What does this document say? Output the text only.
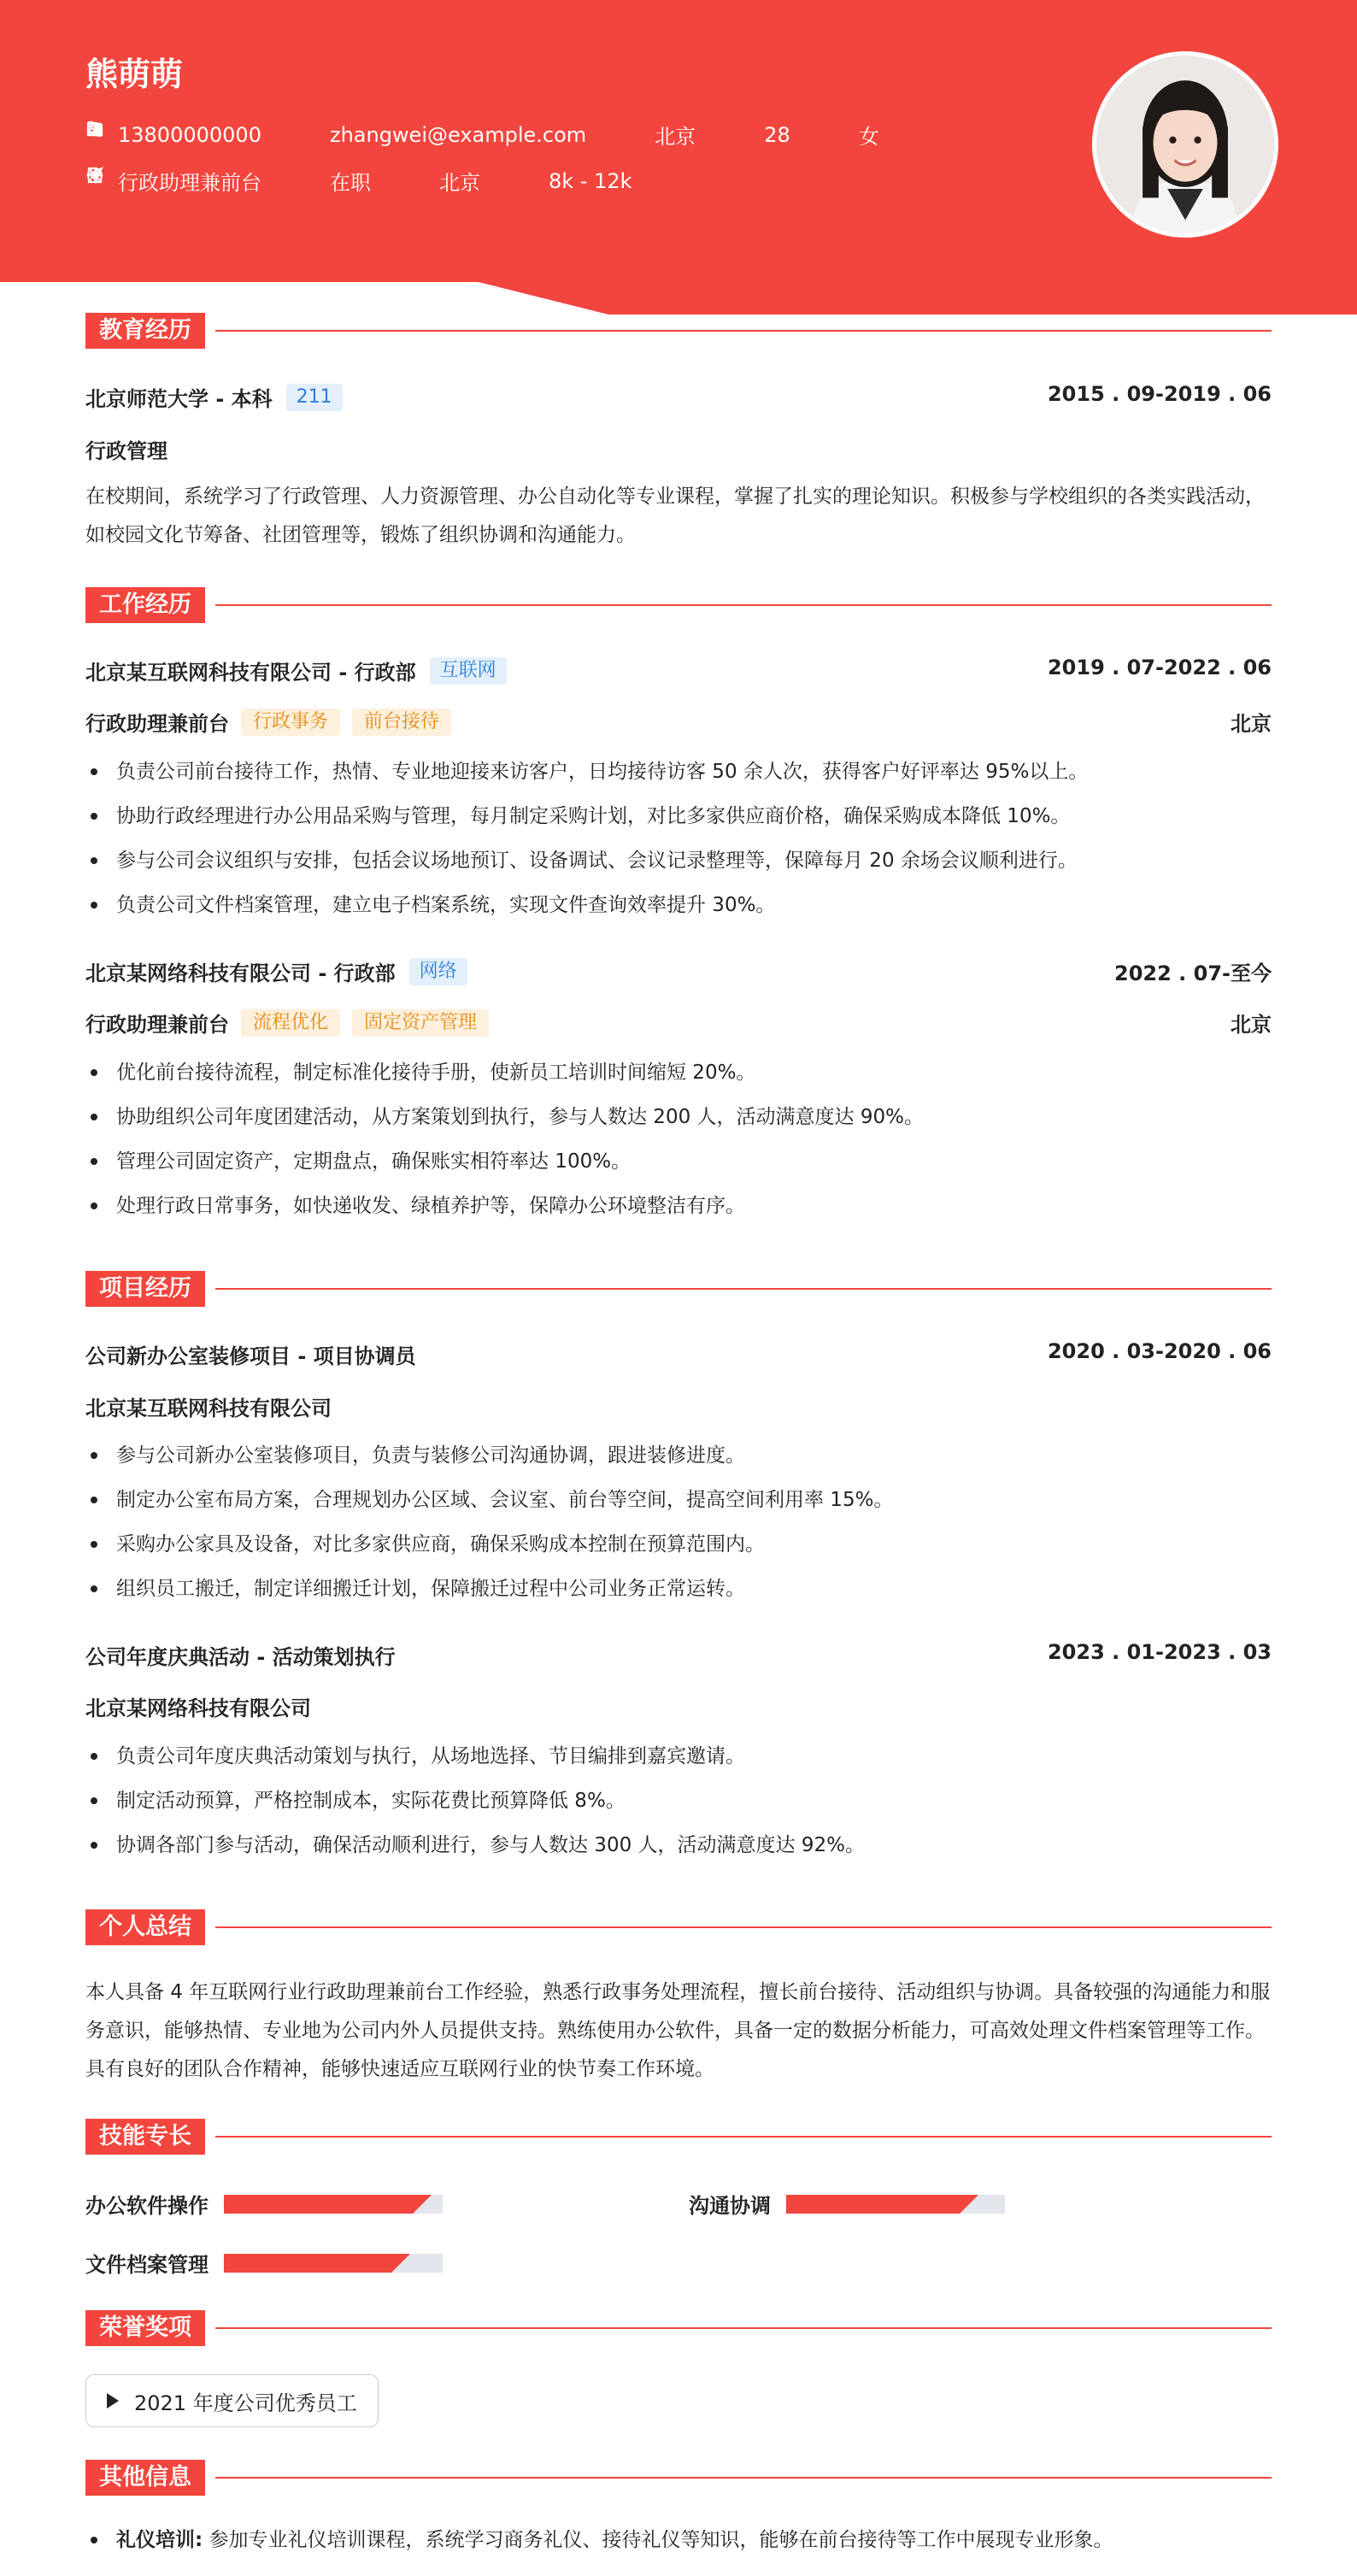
熊萌萌
13800000000	zhangwei@example.com	北京	28	女
行政助理兼前台	在职	北京	8k - 12k
教育经历
北京师范大学 - 本科	211	2015 . 09-2019 . 06
行政管理
在校期间，系统学习了行政管理、人力资源管理、办公自动化等专业课程，掌握了扎实的理论知识。积极参与学校组织的各类实践活动，如校园文化节筹备、社团管理等，锻炼了组织协调和沟通能力。
工作经历
北京某互联网科技有限公司 - 行政部	互联网	2019 . 07-2022 . 06
行政助理兼前台	行政事务	前台接待	北京
负责公司前台接待工作，热情、专业地迎接来访客户，日均接待访客 50 余人次，获得客户好评率达 95%以上。
协助行政经理进行办公用品采购与管理，每月制定采购计划，对比多家供应商价格，确保采购成本降低 10%。
参与公司会议组织与安排，包括会议场地预订、设备调试、会议记录整理等，保障每月 20 余场会议顺利进行。
负责公司文件档案管理，建立电子档案系统，实现文件查询效率提升 30%。
北京某网络科技有限公司 - 行政部	网络	2022 . 07-至今
行政助理兼前台	流程优化	固定资产管理	北京
优化前台接待流程，制定标准化接待手册，使新员工培训时间缩短 20%。
协助组织公司年度团建活动，从方案策划到执行，参与人数达 200 人，活动满意度达 90%。
管理公司固定资产，定期盘点，确保账实相符率达 100%。
处理行政日常事务，如快递收发、绿植养护等，保障办公环境整洁有序。
项目经历
公司新办公室装修项目 - 项目协调员	2020 . 03-2020 . 06
北京某互联网科技有限公司
参与公司新办公室装修项目，负责与装修公司沟通协调，跟进装修进度。
制定办公室布局方案，合理规划办公区域、会议室、前台等空间，提高空间利用率 15%。
采购办公家具及设备，对比多家供应商，确保采购成本控制在预算范围内。
组织员工搬迁，制定详细搬迁计划，保障搬迁过程中公司业务正常运转。
公司年度庆典活动 - 活动策划执行	2023 . 01-2023 . 03
北京某网络科技有限公司
负责公司年度庆典活动策划与执行，从场地选择、节目编排到嘉宾邀请。
制定活动预算，严格控制成本，实际花费比预算降低 8%。
协调各部门参与活动，确保活动顺利进行，参与人数达 300 人，活动满意度达 92%。
个人总结
本人具备 4 年互联网行业行政助理兼前台工作经验，熟悉行政事务处理流程，擅长前台接待、活动组织与协调。具备较强的沟通能力和服务意识，能够热情、专业地为公司内外人员提供支持。熟练使用办公软件，具备一定的数据分析能力，可高效处理文件档案管理等工作。具有良好的团队合作精神，能够快速适应互联网行业的快节奏工作环境。
技能专长
办公软件操作	沟通协调
文件档案管理
荣誉奖项
2021 年度公司优秀员工
其他信息
礼仪培训: 参加专业礼仪培训课程，系统学习商务礼仪、接待礼仪等知识，能够在前台接待等工作中展现专业形象。
